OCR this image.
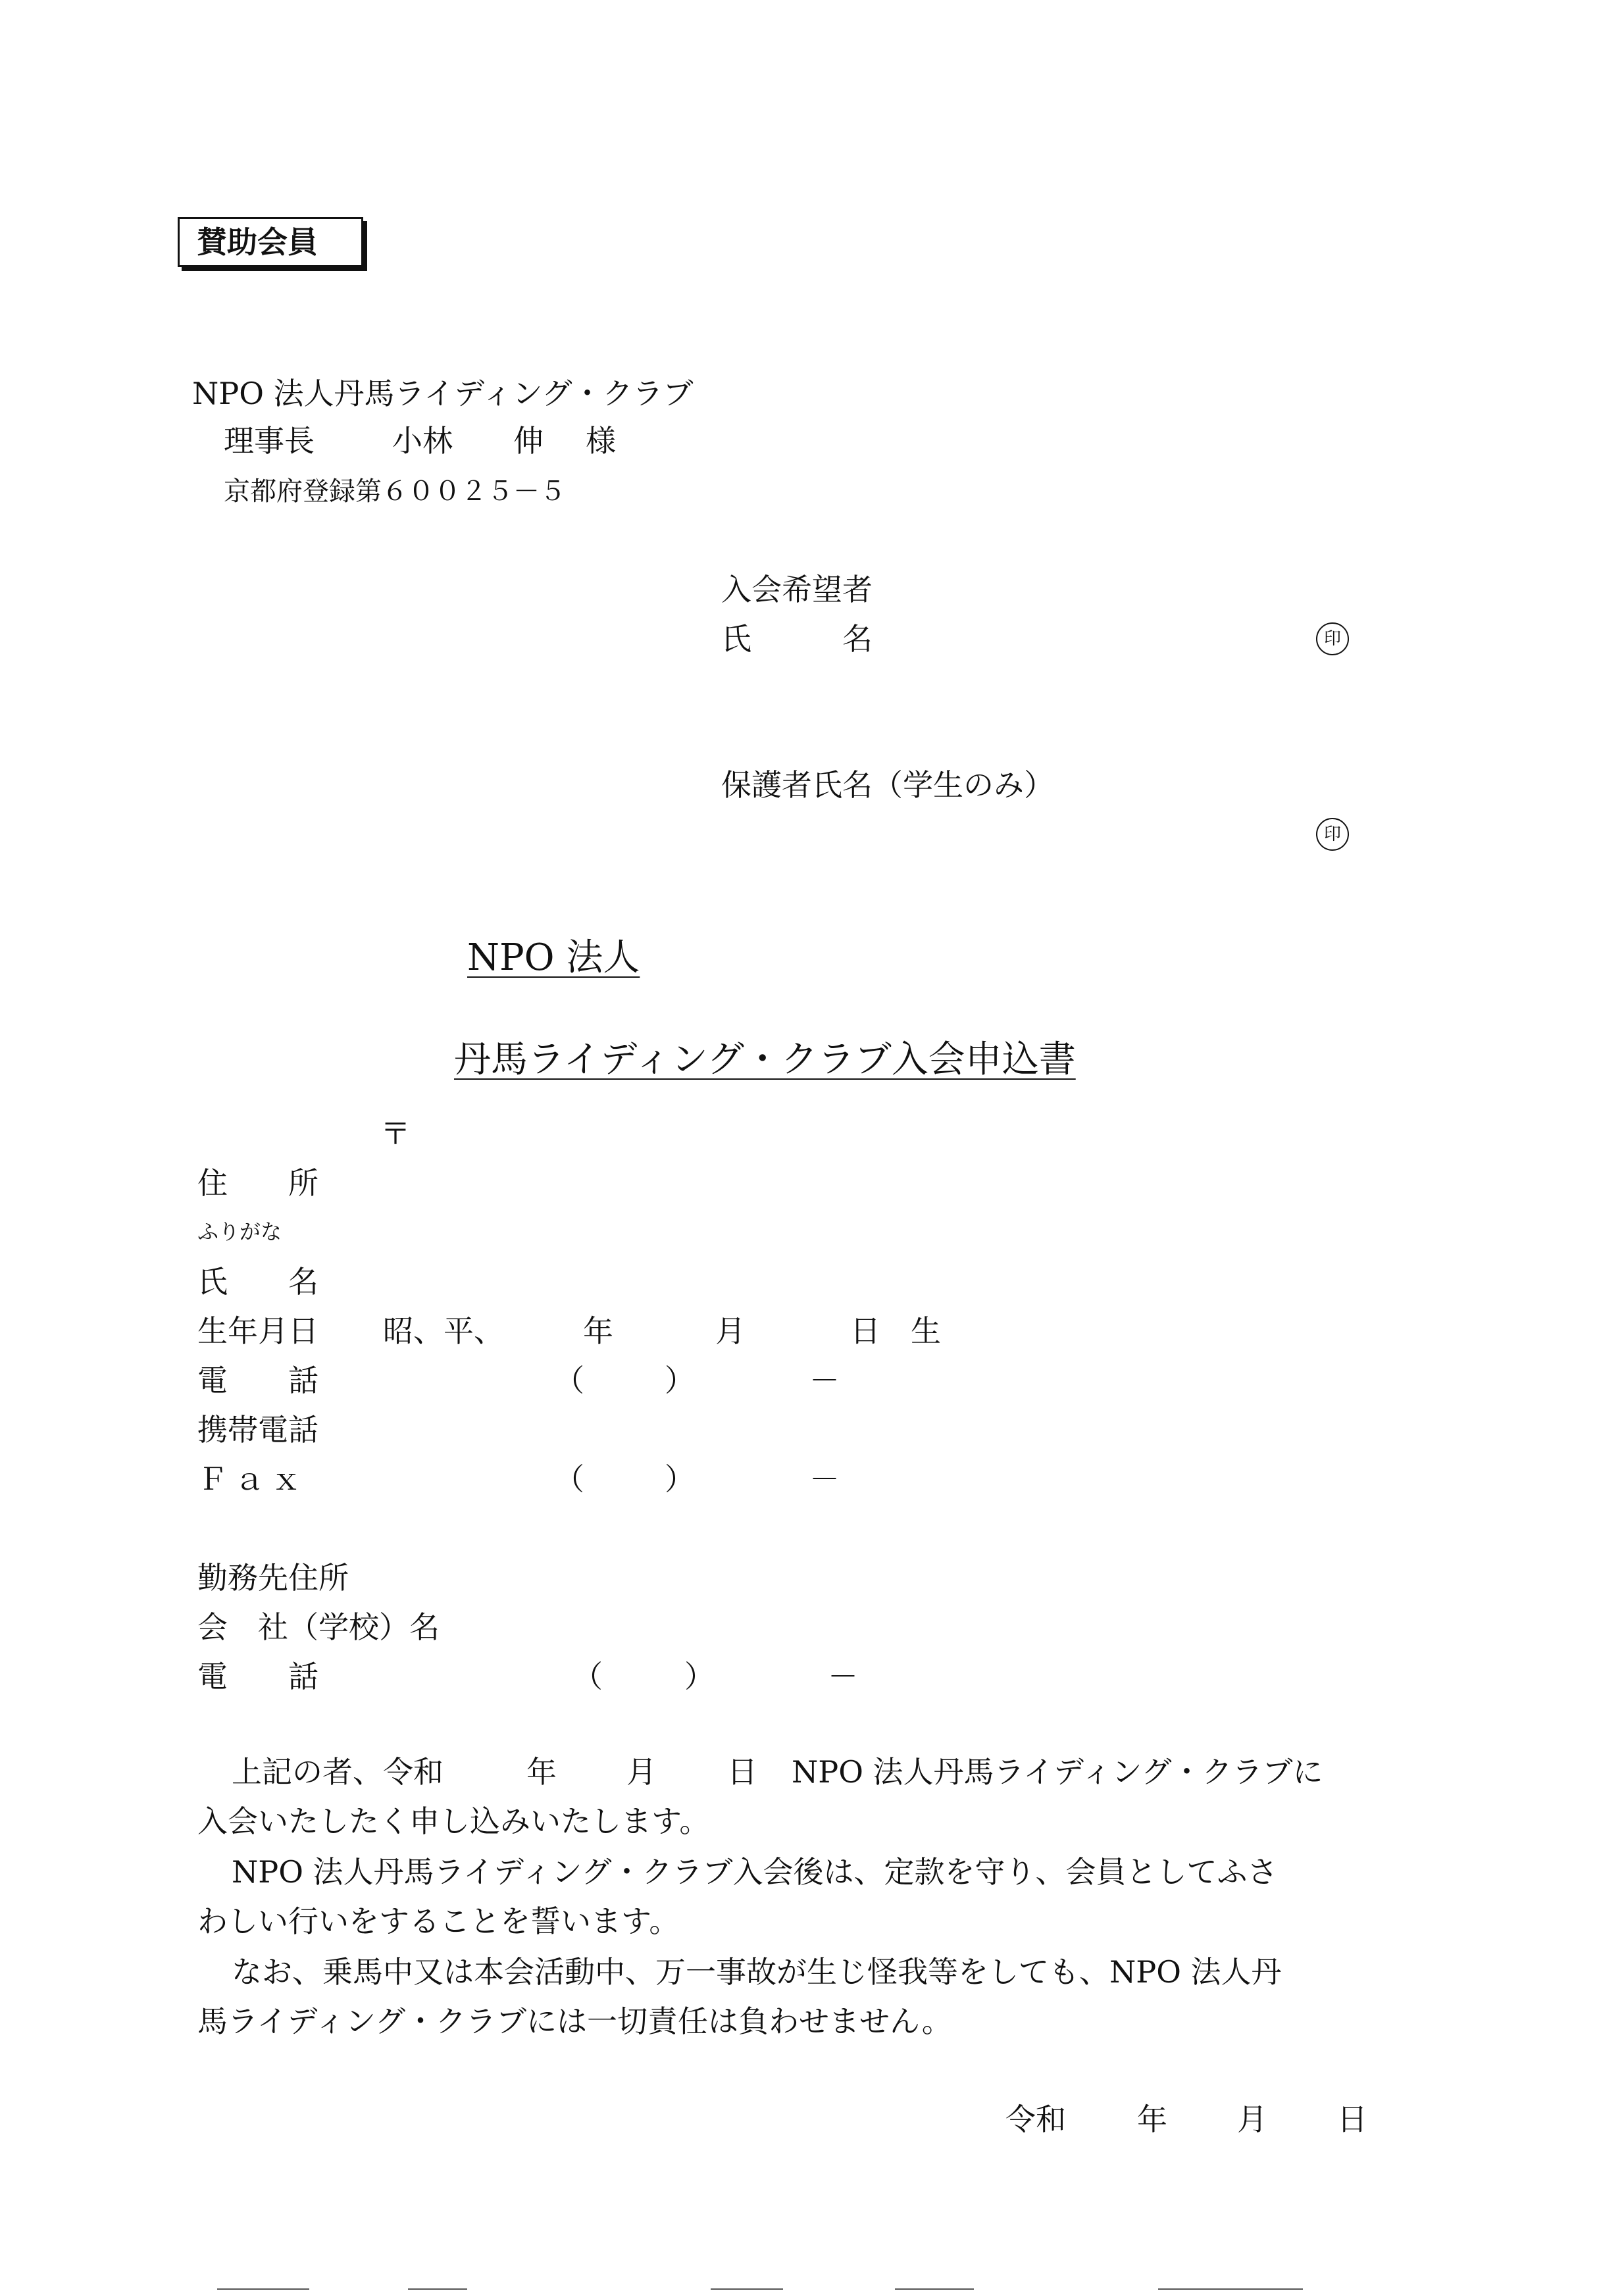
賛助会員
NPO 法人丹馬ライディング・クラブ
理事長	小林　　伸 様
京都府登録第６００２５－５
入会希望者
氏　　　名	印
保護者氏名（学生のみ）
印
NPO 法人
丹馬ライディング・クラブ入会申込書
〒
住　　所
ふりがな
氏　　名
生年月日 昭、平、	年	月	日　生
電　　話	（	）	－
携帯電話
Ｆａｘ	（	）	－
勤務先住所
会　社（学校）名
電　　話	（	）	－
上記の者、令和	年 月 日 NPO 法人丹馬ライディング・クラブに
入会いたしたく申し込みいたします。
NPO 法人丹馬ライディング・クラブ入会後は、定款を守り、会員としてふさ
わしい行いをすることを誓います。
なお、乗馬中又は本会活動中、万一事故が生じ怪我等をしても、NPO 法人丹
馬ライディング・クラブには一切責任は負わせません。
令和 年 月 日
